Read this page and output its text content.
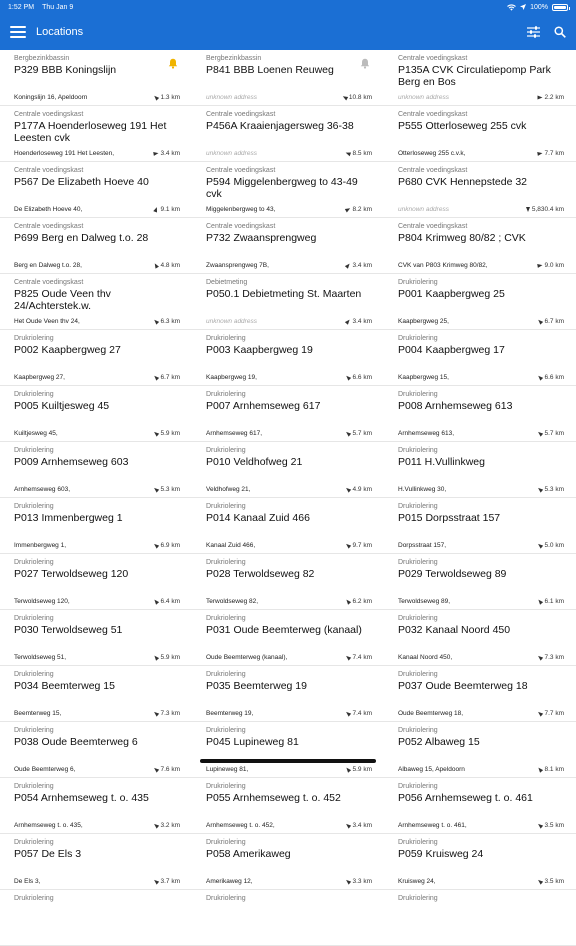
1:52 PM Thu Jan 9	100%
Locations
Bergbezinkbassin
P329 BBB Koningslijn
Koningslijn 16, Apeldoorn	1.3 km
Bergbezinkbassin
P841 BBB Loenen Reuweg
unknown address	10.8 km
Centrale voedingskast
P135A CVK Circulatiepomp Park Berg en Bos
unknown address	2.2 km
Centrale voedingskast
P177A Hoenderloseweg 191 Het Leesten cvk
Hoenderloseweg 191 Het Leesten,	3.4 km
Centrale voedingskast
P456A Kraaienjagersweg 36-38
unknown address	8.5 km
Centrale voedingskast
P555 Otterloseweg 255 cvk
Otterloseweg 255 c.v.k,	7.7 km
Centrale voedingskast
P567 De Elizabeth Hoeve 40
De Elizabeth Hoeve 40,	9.1 km
Centrale voedingskast
P594 Miggelenbergweg to 43-49 cvk
Miggelenbergweg to 43,	8.2 km
Centrale voedingskast
P680 CVK Hennepstede 32
unknown address	5,830.4 km
Centrale voedingskast
P699 Berg en Dalweg t.o. 28
Berg en Dalweg t.o. 28,	4.8 km
Centrale voedingskast
P732 Zwaansprengweg
Zwaansprengweg 7B,	3.4 km
Centrale voedingskast
P804 Krimweg 80/82 ; CVK
CVK van P803 Krimweg 80/82,	9.0 km
Centrale voedingskast
P825 Oude Veen thv 24/Achterstek.w.
Het Oude Veen thv 24,	6.3 km
Debietmeting
P050.1 Debietmeting St. Maarten
unknown address	3.4 km
Drukriolering
P001 Kaapbergweg 25
Kaapbergweg 25,	6.7 km
Drukriolering
P002 Kaapbergweg 27
Kaapbergweg 27,	6.7 km
Drukriolering
P003 Kaapbergweg 19
Kaapbergweg 19,	6.6 km
Drukriolering
P004 Kaapbergweg 17
Kaapbergweg 15,	6.6 km
Drukriolering
P005 Kuiltjesweg 45
Kuiltjesweg 45,	5.9 km
Drukriolering
P007 Arnhemseweg 617
Arnhemseweg 617,	5.7 km
Drukriolering
P008 Arnhemseweg 613
Arnhemseweg 613,	5.7 km
Drukriolering
P009 Arnhemseweg 603
Arnhemseweg 603,	5.3 km
Drukriolering
P010 Veldhofweg 21
Veldhofweg 21,	4.9 km
Drukriolering
P011 H.Vullinkweg
H.Vullinkweg 30,	5.3 km
Drukriolering
P013 Immenbergweg 1
Immenbergweg 1,	6.9 km
Drukriolering
P014 Kanaal Zuid 466
Kanaal Zuid 466,	9.7 km
Drukriolering
P015 Dorpsstraat 157
Dorpsstraat 157,	5.0 km
Drukriolering
P027 Terwoldseweg 120
Terwoldseweg 120,	6.4 km
Drukriolering
P028 Terwoldseweg 82
Terwoldseweg 82,	6.2 km
Drukriolering
P029 Terwoldseweg 89
Terwoldseweg 89,	6.1 km
Drukriolering
P030 Terwoldseweg 51
Terwoldseweg 51,	5.9 km
Drukriolering
P031 Oude Beemterweg (kanaal)
Oude Beemterweg (kanaal),	7.4 km
Drukriolering
P032 Kanaal Noord 450
Kanaal Noord 450,	7.3 km
Drukriolering
P034 Beemterweg 15
Beemterweg 15,	7.3 km
Drukriolering
P035 Beemterweg 19
Beemterweg 19,	7.4 km
Drukriolering
P037 Oude Beemterweg 18
Oude Beemterweg 18,	7.7 km
Drukriolering
P038 Oude Beemterweg 6
Oude Beemterweg 6,	7.6 km
Drukriolering
P045 Lupineweg 81
Lupineweg 81,	5.9 km
Drukriolering
P052 Albaweg 15
Albaweg 15, Apeldoorn	8.1 km
Drukriolering
P054 Arnhemseweg t. o. 435
Arnhemseweg t. o. 435,	3.2 km
Drukriolering
P055 Arnhemseweg t. o. 452
Arnhemseweg t. o. 452,	3.4 km
Drukriolering
P056 Arnhemseweg t. o. 461
Arnhemseweg t. o. 461,	3.5 km
Drukriolering
P057 De Els 3
De Els 3,	3.7 km
Drukriolering
P058 Amerikaweg
Amerikaweg 12,	3.3 km
Drukriolering
P059 Kruisweg 24
Kruisweg 24,	3.5 km
Drukriolering	Drukriolering	Drukriolering
